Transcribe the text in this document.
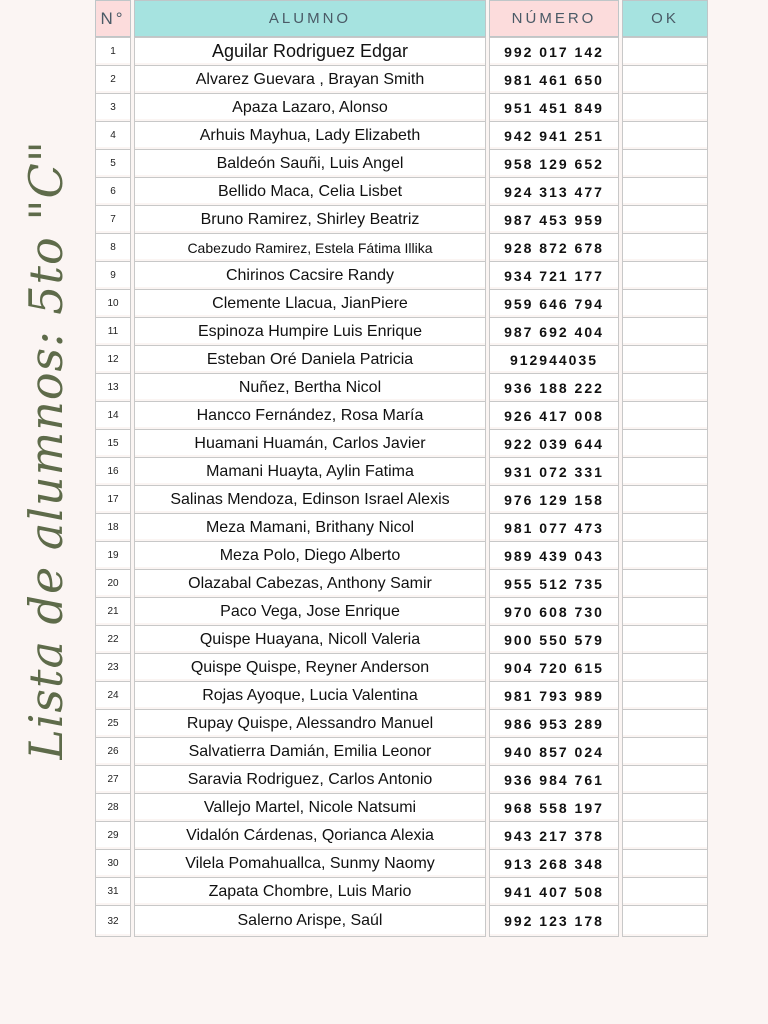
Lista de alumnos: 5to "C"
N°	ALUMNO	NÚMERO	OK
1	Aguilar Rodriguez Edgar	992 017 142	
2	Alvarez Guevara , Brayan Smith	981 461 650	
3	Apaza Lazaro, Alonso	951 451 849	
4	Arhuis Mayhua, Lady Elizabeth	942 941 251	
5	Baldeón Sauñi, Luis Angel	958 129 652	
6	Bellido Maca, Celia Lisbet	924 313 477	
7	Bruno Ramirez, Shirley Beatriz	987 453 959	
8	Cabezudo Ramirez, Estela Fátima Illika	928 872 678	
9	Chirinos Cacsire Randy	934 721 177	
10	Clemente Llacua, JianPiere	959 646 794	
11	Espinoza Humpire Luis Enrique	987 692 404	
12	Esteban Oré Daniela Patricia	912944035	
13	Nuñez, Bertha Nicol	936 188 222	
14	Hancco Fernández, Rosa María	926 417 008	
15	Huamani Huamán, Carlos Javier	922 039 644	
16	Mamani Huayta, Aylin Fatima	931 072 331	
17	Salinas Mendoza, Edinson Israel Alexis	976 129 158	
18	Meza Mamani, Brithany Nicol	981 077 473	
19	Meza Polo, Diego Alberto	989 439 043	
20	Olazabal Cabezas, Anthony Samir	955 512 735	
21	Paco Vega, Jose Enrique	970 608 730	
22	Quispe Huayana, Nicoll Valeria	900 550 579	
23	Quispe Quispe, Reyner Anderson	904 720 615	
24	Rojas Ayoque, Lucia Valentina	981 793 989	
25	Rupay Quispe, Alessandro Manuel	986 953 289	
26	Salvatierra Damián, Emilia Leonor	940 857 024	
27	Saravia Rodriguez, Carlos Antonio	936 984 761	
28	Vallejo Martel, Nicole Natsumi	968 558 197	
29	Vidalón Cárdenas, Qorianca Alexia	943 217 378	
30	Vilela Pomahuallca, Sunmy Naomy	913 268 348	
31	Zapata Chombre, Luis Mario	941 407 508	
32	Salerno Arispe, Saúl	992 123 178	
